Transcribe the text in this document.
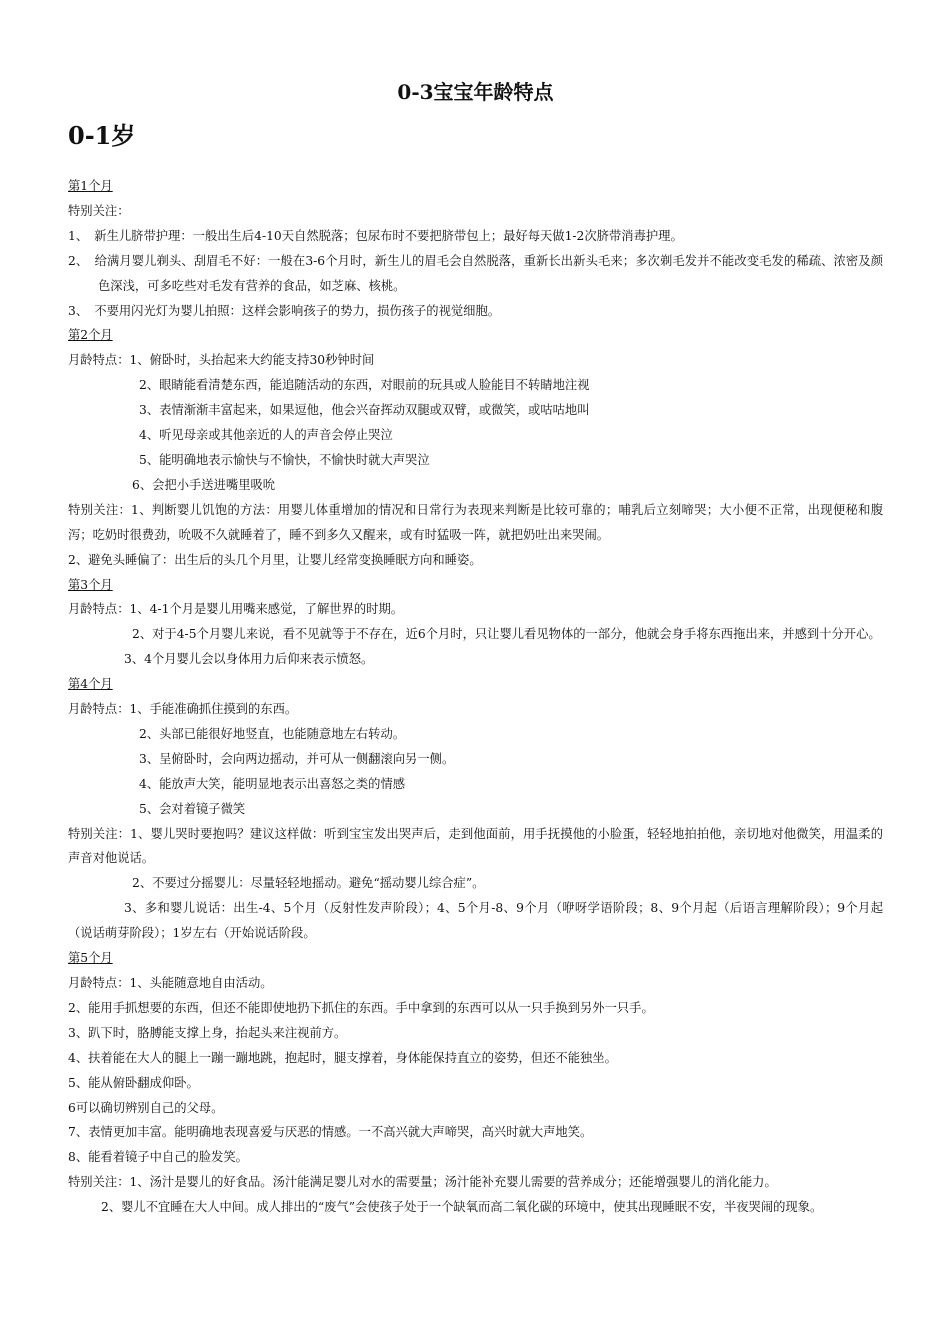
0-3宝宝年龄特点
0-1岁
第1个月
特别关注：
1、　新生儿脐带护理：一般出生后4-10天自然脱落；包尿布时不要把脐带包上；最好每天做1-2次脐带消毒护理。
2、　给满月婴儿剃头、刮眉毛不好：一般在3-6个月时，新生儿的眉毛会自然脱落，重新长出新头毛来；多次剃毛发并不能改变毛发的稀疏、浓密及颜色深浅，可多吃些对毛发有营养的食品，如芝麻、核桃。
3、　不要用闪光灯为婴儿拍照：这样会影响孩子的势力，损伤孩子的视觉细胞。
第2个月
月龄特点：1、俯卧时，头抬起来大约能支持30秒钟时间
2、眼睛能看清楚东西，能追随活动的东西，对眼前的玩具或人脸能目不转睛地注视
3、表情渐渐丰富起来，如果逗他，他会兴奋挥动双腿或双臂，或微笑，或咕咕地叫
4、听见母亲或其他亲近的人的声音会停止哭泣
5、能明确地表示愉快与不愉快，不愉快时就大声哭泣
6、会把小手送进嘴里吸吮
特别关注：1、判断婴儿饥饱的方法：用婴儿体重增加的情况和日常行为表现来判断是比较可靠的；哺乳后立刻啼哭；大小便不正常，出现便秘和腹泻；吃奶时很费劲，吮吸不久就睡着了，睡不到多久又醒来，或有时猛吸一阵，就把奶吐出来哭闹。
2、避免头睡偏了：出生后的头几个月里，让婴儿经常变换睡眠方向和睡姿。
第3个月
月龄特点：1、4-1个月是婴儿用嘴来感觉，了解世界的时期。
2、对于4-5个月婴儿来说，看不见就等于不存在，近6个月时，只让婴儿看见物体的一部分，他就会身手将东西拖出来，并感到十分开心。
3、4个月婴儿会以身体用力后仰来表示愤怒。
第4个月
月龄特点：1、手能准确抓住摸到的东西。
2、头部已能很好地竖直，也能随意地左右转动。
3、呈俯卧时，会向两边摇动，并可从一侧翻滚向另一侧。
4、能放声大笑，能明显地表示出喜怒之类的情感
5、会对着镜子微笑
特别关注：1、婴儿哭时要抱吗？建议这样做：听到宝宝发出哭声后，走到他面前，用手抚摸他的小脸蛋，轻轻地拍拍他，亲切地对他微笑，用温柔的声音对他说话。
2、不要过分摇婴儿：尽量轻轻地摇动。避免“摇动婴儿综合症”。
3、多和婴儿说话：出生-4、5个月（反射性发声阶段）；4、5个月-8、9个月（咿呀学语阶段；8、9个月起（后语言理解阶段）；9个月起（说话萌芽阶段）；1岁左右（开始说话阶段。
第5个月
月龄特点：1、头能随意地自由活动。
2、能用手抓想要的东西，但还不能即使地扔下抓住的东西。手中拿到的东西可以从一只手换到另外一只手。
3、趴下时，胳膊能支撑上身，抬起头来注视前方。
4、扶着能在大人的腿上一蹦一蹦地跳，抱起时，腿支撑着，身体能保持直立的姿势，但还不能独坐。
5、能从俯卧翻成仰卧。
6可以确切辨别自己的父母。
7、表情更加丰富。能明确地表现喜爱与厌恶的情感。一不高兴就大声啼哭，高兴时就大声地笑。
8、能看着镜子中自己的脸发笑。
特别关注：1、汤汁是婴儿的好食品。汤汁能满足婴儿对水的需要量；汤汁能补充婴儿需要的营养成分；还能增强婴儿的消化能力。
2、婴儿不宜睡在大人中间。成人排出的“废气”会使孩子处于一个缺氧而高二氧化碳的环境中，使其出现睡眠不安，半夜哭闹的现象。
